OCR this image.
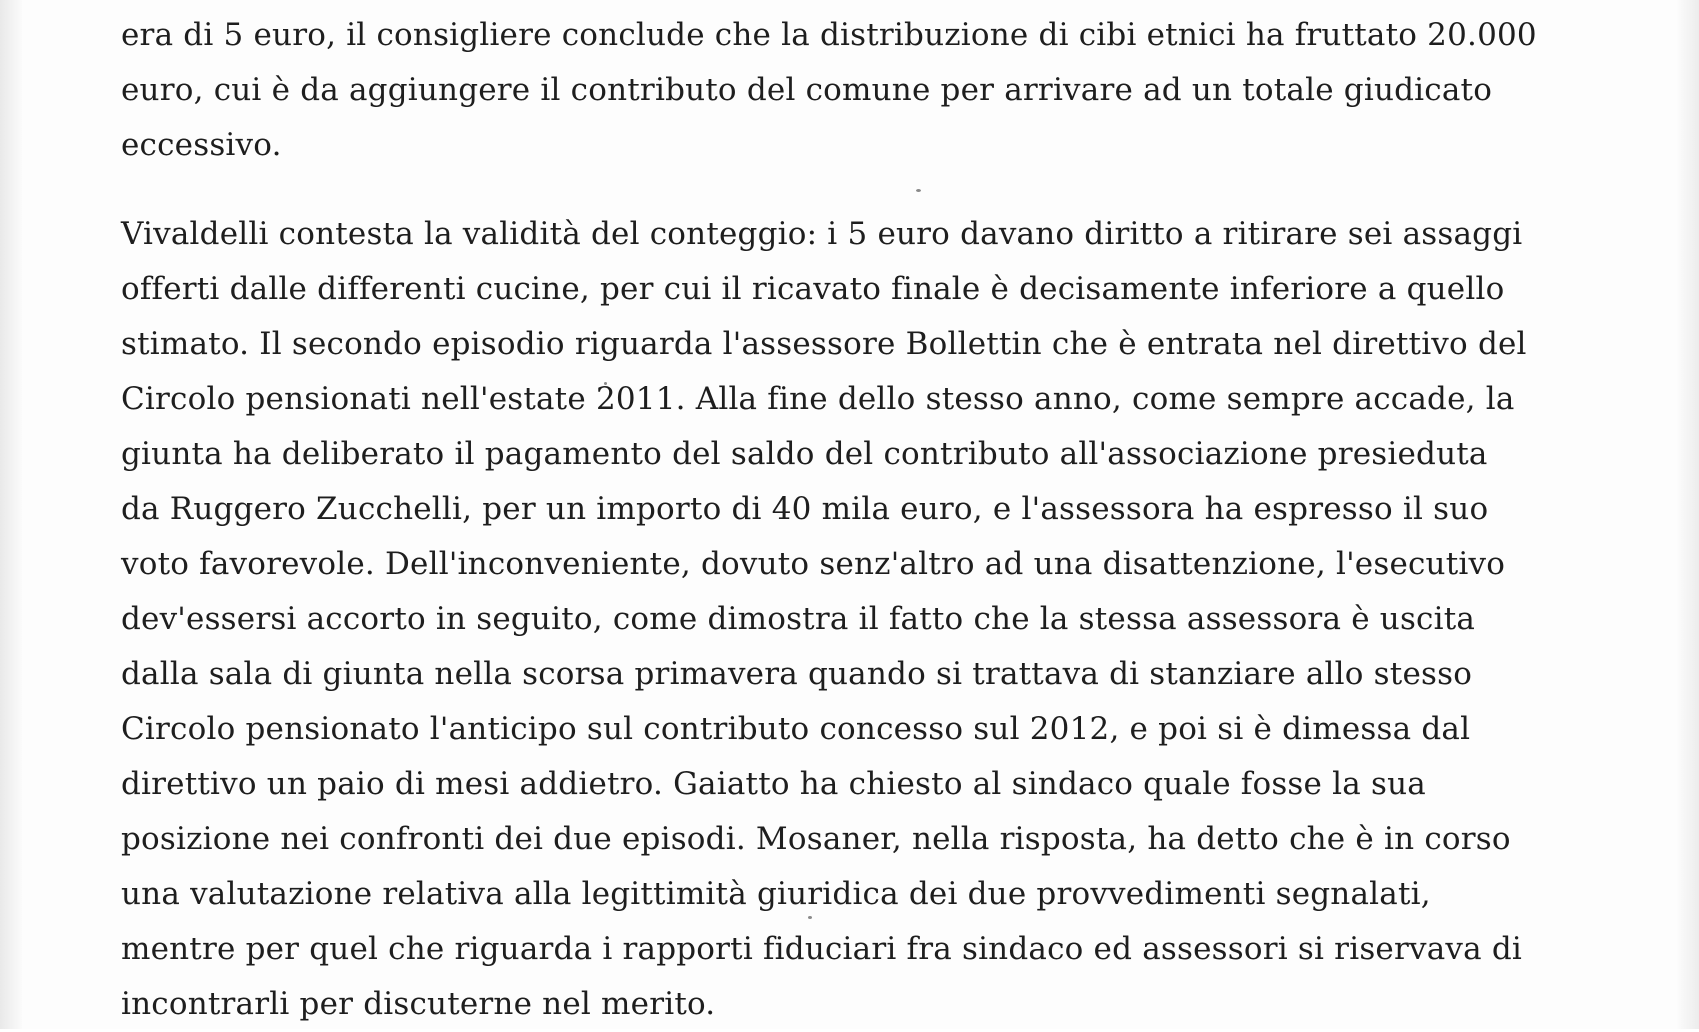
era di 5 euro, il consigliere conclude che la distribuzione di cibi etnici ha fruttato 20.000
euro, cui è da aggiungere il contributo del comune per arrivare ad un totale giudicato
eccessivo.
Vivaldelli contesta la validità del conteggio: i 5 euro davano diritto a ritirare sei assaggi
offerti dalle differenti cucine, per cui il ricavato finale è decisamente inferiore a quello
stimato. Il secondo episodio riguarda l'assessore Bollettin che è entrata nel direttivo del
Circolo pensionati nell'estate 2011. Alla fine dello stesso anno, come sempre accade, la
giunta ha deliberato il pagamento del saldo del contributo all'associazione presieduta
da Ruggero Zucchelli, per un importo di 40 mila euro, e l'assessora ha espresso il suo
voto favorevole. Dell'inconveniente, dovuto senz'altro ad una disattenzione, l'esecutivo
dev'essersi accorto in seguito, come dimostra il fatto che la stessa assessora è uscita
dalla sala di giunta nella scorsa primavera quando si trattava di stanziare allo stesso
Circolo pensionato l'anticipo sul contributo concesso sul 2012, e poi si è dimessa dal
direttivo un paio di mesi addietro. Gaiatto ha chiesto al sindaco quale fosse la sua
posizione nei confronti dei due episodi. Mosaner, nella risposta, ha detto che è in corso
una valutazione relativa alla legittimità giuridica dei due provvedimenti segnalati,
mentre per quel che riguarda i rapporti fiduciari fra sindaco ed assessori si riservava di
incontrarli per discuterne nel merito.
